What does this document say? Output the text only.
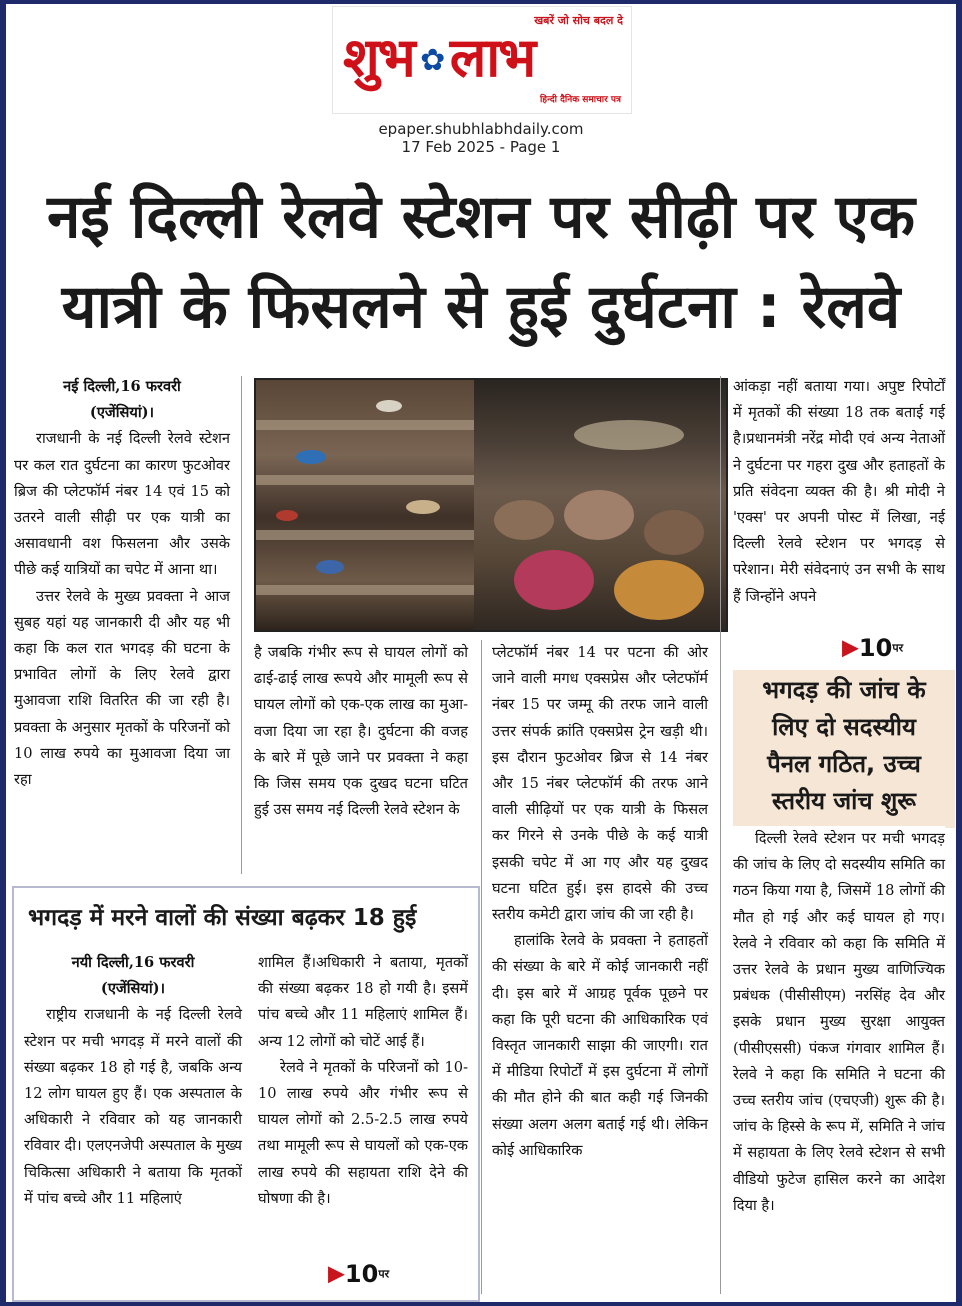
खबरें जो सोच बदल दे
शुभ ✿ लाभ
हिन्दी दैनिक समाचार पत्र
epaper.shubhlabhdaily.com
17 Feb 2025 - Page 1
नई दिल्ली रेलवे स्टेशन पर सीढ़ी पर एक
यात्री के फिसलने से हुई दुर्घटना : रेलवे
नई दिल्ली,16 फरवरी
(एजेंसियां)।

राजधानी के नई दिल्ली रेलवे स्टेशन पर कल रात दुर्घटना का कारण फुटओवर ब्रिज की प्लेटफॉर्म नंबर 14 एवं 15 को उतरने वाली सीढ़ी पर एक यात्री का असावधानी वश फिसलना और उसके पीछे कई यात्रियों का चपेट में आना था।

उत्तर रेलवे के मुख्य प्रवक्ता ने आज सुबह यहां यह जानकारी दी और यह भी कहा कि कल रात भगदड़ की घटना के प्रभावित लोगों के लिए रेलवे द्वारा मुआवजा राशि वितरित की जा रही है।प्रवक्ता के अनुसार मृतकों के परिजनों को 10 लाख रुपये का मुआवजा दिया जा रहा

है जबकि गंभीर रूप से घायल लोगों को ढाई-ढाई लाख रूपये और मामूली रूप से घायल लोगों को एक-एक लाख का मुआ-वजा दिया जा रहा है। दुर्घटना की वजह के बारे में पूछे जाने पर प्रवक्ता ने कहा कि जिस समय एक दुखद घटना घटित हुई उस समय नई दिल्ली रेलवे स्टेशन के

प्लेटफॉर्म नंबर 14 पर पटना की ओर जाने वाली मगध एक्सप्रेस और प्लेटफॉर्म नंबर 15 पर जम्मू की तरफ जाने वाली उत्तर संपर्क क्रांति एक्सप्रेस ट्रेन खड़ी थी। इस दौरान फुटओवर ब्रिज से 14 नंबर और 15 नंबर प्लेटफॉर्म की तरफ आने वाली सीढ़ियों पर एक यात्री के फिसल कर गिरने से उनके पीछे के कई यात्री इसकी चपेट में आ गए और यह दुखद घटना घटित हुई। इस हादसे की उच्च स्तरीय कमेटी द्वारा जांच की जा रही है।

हालांकि रेलवे के प्रवक्ता ने हताहतों की संख्या के बारे में कोई जानकारी नहीं दी। इस बारे में आग्रह पूर्वक पूछने पर कहा कि पूरी घटना की आधिकारिक एवं विस्तृत जानकारी साझा की जाएगी। रात में मीडिया रिपोर्टों में इस दुर्घटना में लोगों की मौत होने की बात कही गई जिनकी संख्या अलग अलग बताई गई थी। लेकिन कोई आधिकारिक

आंकड़ा नहीं बताया गया। अपुष्ट रिपोर्टों में मृतकों की संख्या 18 तक बताई गई है।प्रधानमंत्री नरेंद्र मोदी एवं अन्य नेताओं ने दुर्घटना पर गहरा दुख और हताहतों के प्रति संवेदना व्यक्त की है। श्री मोदी ने 'एक्स' पर अपनी पोस्ट में लिखा, नई दिल्ली रेलवे स्टेशन पर भगदड़ से परेशान। मेरी संवेदनाएं उन सभी के साथ हैं जिन्होंने अपने

▶10पर
भगदड़ की जांच के
लिए दो सदस्यीय
पैनल गठित, उच्च
स्तरीय जांच शुरू

दिल्ली रेलवे स्टेशन पर मची भगदड़ की जांच के लिए दो सदस्यीय समिति का गठन किया गया है, जिसमें 18 लोगों की मौत हो गई और कई घायल हो गए। रेलवे ने रविवार को कहा कि समिति में उत्तर रेलवे के प्रधान मुख्य वाणिज्यिक प्रबंधक (पीसीसीएम) नरसिंह देव और इसके प्रधान मुख्य सुरक्षा आयुक्त (पीसीएससी) पंकज गंगवार शामिल हैं। रेलवे ने कहा कि समिति ने घटना की उच्च स्तरीय जांच (एचएजी) शुरू की है। जांच के हिस्से के रूप में, समिति ने जांच में सहायता के लिए रेलवे स्टेशन से सभी वीडियो फुटेज हासिल करने का आदेश दिया है।

भगदड़ में मरने वालों की संख्या बढ़कर 18 हुई
नयी दिल्ली,16 फरवरी
(एजेंसियां)।

राष्ट्रीय राजधानी के नई दिल्ली रेलवे स्टेशन पर मची भगदड़ में मरने वालों की संख्या बढ़कर 18 हो गई है, जबकि अन्य 12 लोग घायल हुए हैं। एक अस्पताल के अधिकारी ने रविवार को यह जानकारी रविवार दी। एलएनजेपी अस्पताल के मुख्य चिकित्सा अधिकारी ने बताया कि मृतकों में पांच बच्चे और 11 महिलाएं

शामिल हैं।अधिकारी ने बताया, मृतकों की संख्या बढ़कर 18 हो गयी है। इसमें पांच बच्चे और 11 महिलाएं शामिल हैं। अन्य 12 लोगों को चोटें आई हैं।

रेलवे ने मृतकों के परिजनों को 10-10 लाख रुपये और गंभीर रूप से घायल लोगों को 2.5-2.5 लाख रुपये तथा मामूली रूप से घायलों को एक-एक लाख रुपये की सहायता राशि देने की घोषणा की है।

▶10पर
